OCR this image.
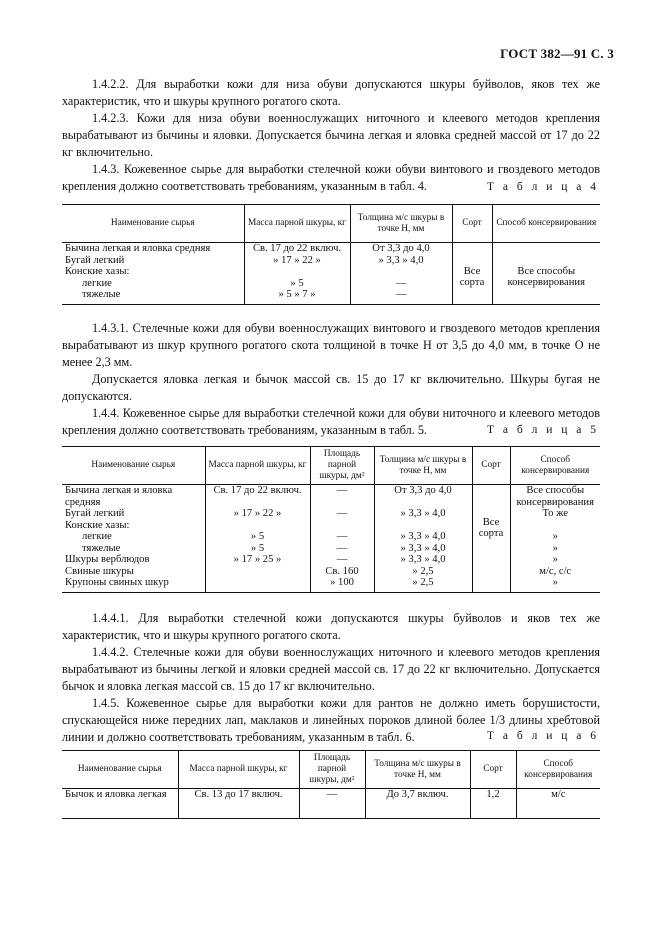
ГОСТ 382—91 С. 3

1.4.2.2. Для выработки кожи для низа обуви допускаются шкуры буйволов, яков тех же характеристик, что и шкуры крупного рогатого скота.

1.4.2.3. Кожи для низа обуви военнослужащих ниточного и клеевого методов крепления вырабатывают из бычины и яловки. Допускается бычина легкая и яловка средней массой от 17 до 22 кг включительно.

1.4.3. Кожевенное сырье для выработки стелечной кожи обуви винтового и гвоздевого методов крепления должно соответствовать требованиям, указанным в табл. 4.	Т а б л и ц а 4
Наименование сырья	Масса парной шкуры, кг	Толщина м/с шкуры в точке Н, мм	Сорт	Способ консервирования
Бычина легкая и яловка средняя	Св. 17 до 22 включ.	От 3,3 до 4,0	Все сорта	Все способы консервирования
Бугай легкий	» 17 » 22 »	» 3,3 » 4,0		
Конские хазы:				
легкие	» 5	—		
тяжелые	» 5 » 7 »	—		

1.4.3.1. Стелечные кожи для обуви военнослужащих винтового и гвоздевого методов крепления вырабатывают из шкур крупного рогатого скота толщиной в точке Н от 3,5 до 4,0 мм, в точке О не менее 2,3 мм.

Допускается яловка легкая и бычок массой св. 15 до 17 кг включительно. Шкуры бугая не допускаются.

1.4.4. Кожевенное сырье для выработки стелечной кожи для обуви ниточного и клеевого методов крепления должно соответствовать требованиям, указанным в табл. 5.	Т а б л и ц а 5
Наименование сырья	Масса парной шкуры, кг	Площадь парной шкуры, дм²	Толщина м/с шкуры в точке Н, мм	Сорт	Способ консервирования
Бычина легкая и яловка средняя	Св. 17 до 22 включ.	—	От 3,3 до 4,0	Все сорта	Все способы консервирования
Бугай легкий	» 17 » 22 »	—	» 3,3 » 4,0		То же
Конские хазы:					
легкие	» 5	—	» 3,3 » 4,0		»
тяжелые	» 5	—	» 3,3 » 4,0		»
Шкуры верблюдов	» 17 » 25 »	—	» 3,3 » 4,0		»
Свиные шкуры		Св. 160	» 2,5		м/с, с/с
Крупоны свиных шкур		» 100	» 2,5		»

1.4.4.1. Для выработки стелечной кожи допускаются шкуры буйволов и яков тех же характеристик, что и шкуры крупного рогатого скота.

1.4.4.2. Стелечные кожи для обуви военнослужащих ниточного и клеевого методов крепления вырабатывают из бычины легкой и яловки средней массой св. 17 до 22 кг включительно. Допускается бычок и яловка легкая массой св. 15 до 17 кг включительно.

1.4.5. Кожевенное сырье для выработки кожи для рантов не должно иметь борушистости, спускающейся ниже передних лап, маклаков и линейных пороков длиной более 1/3 длины хребтовой линии и должно соответствовать требованиям, указанным в табл. 6.	Т а б л и ц а 6
Наименование сырья	Масса парной шкуры, кг	Площадь парной шкуры, дм²	Толщина м/с шкуры в точке Н, мм	Сорт	Способ консервирования
Бычок и яловка легкая	Св. 13 до 17 включ.	—	До 3,7 включ.	1,2	м/с
